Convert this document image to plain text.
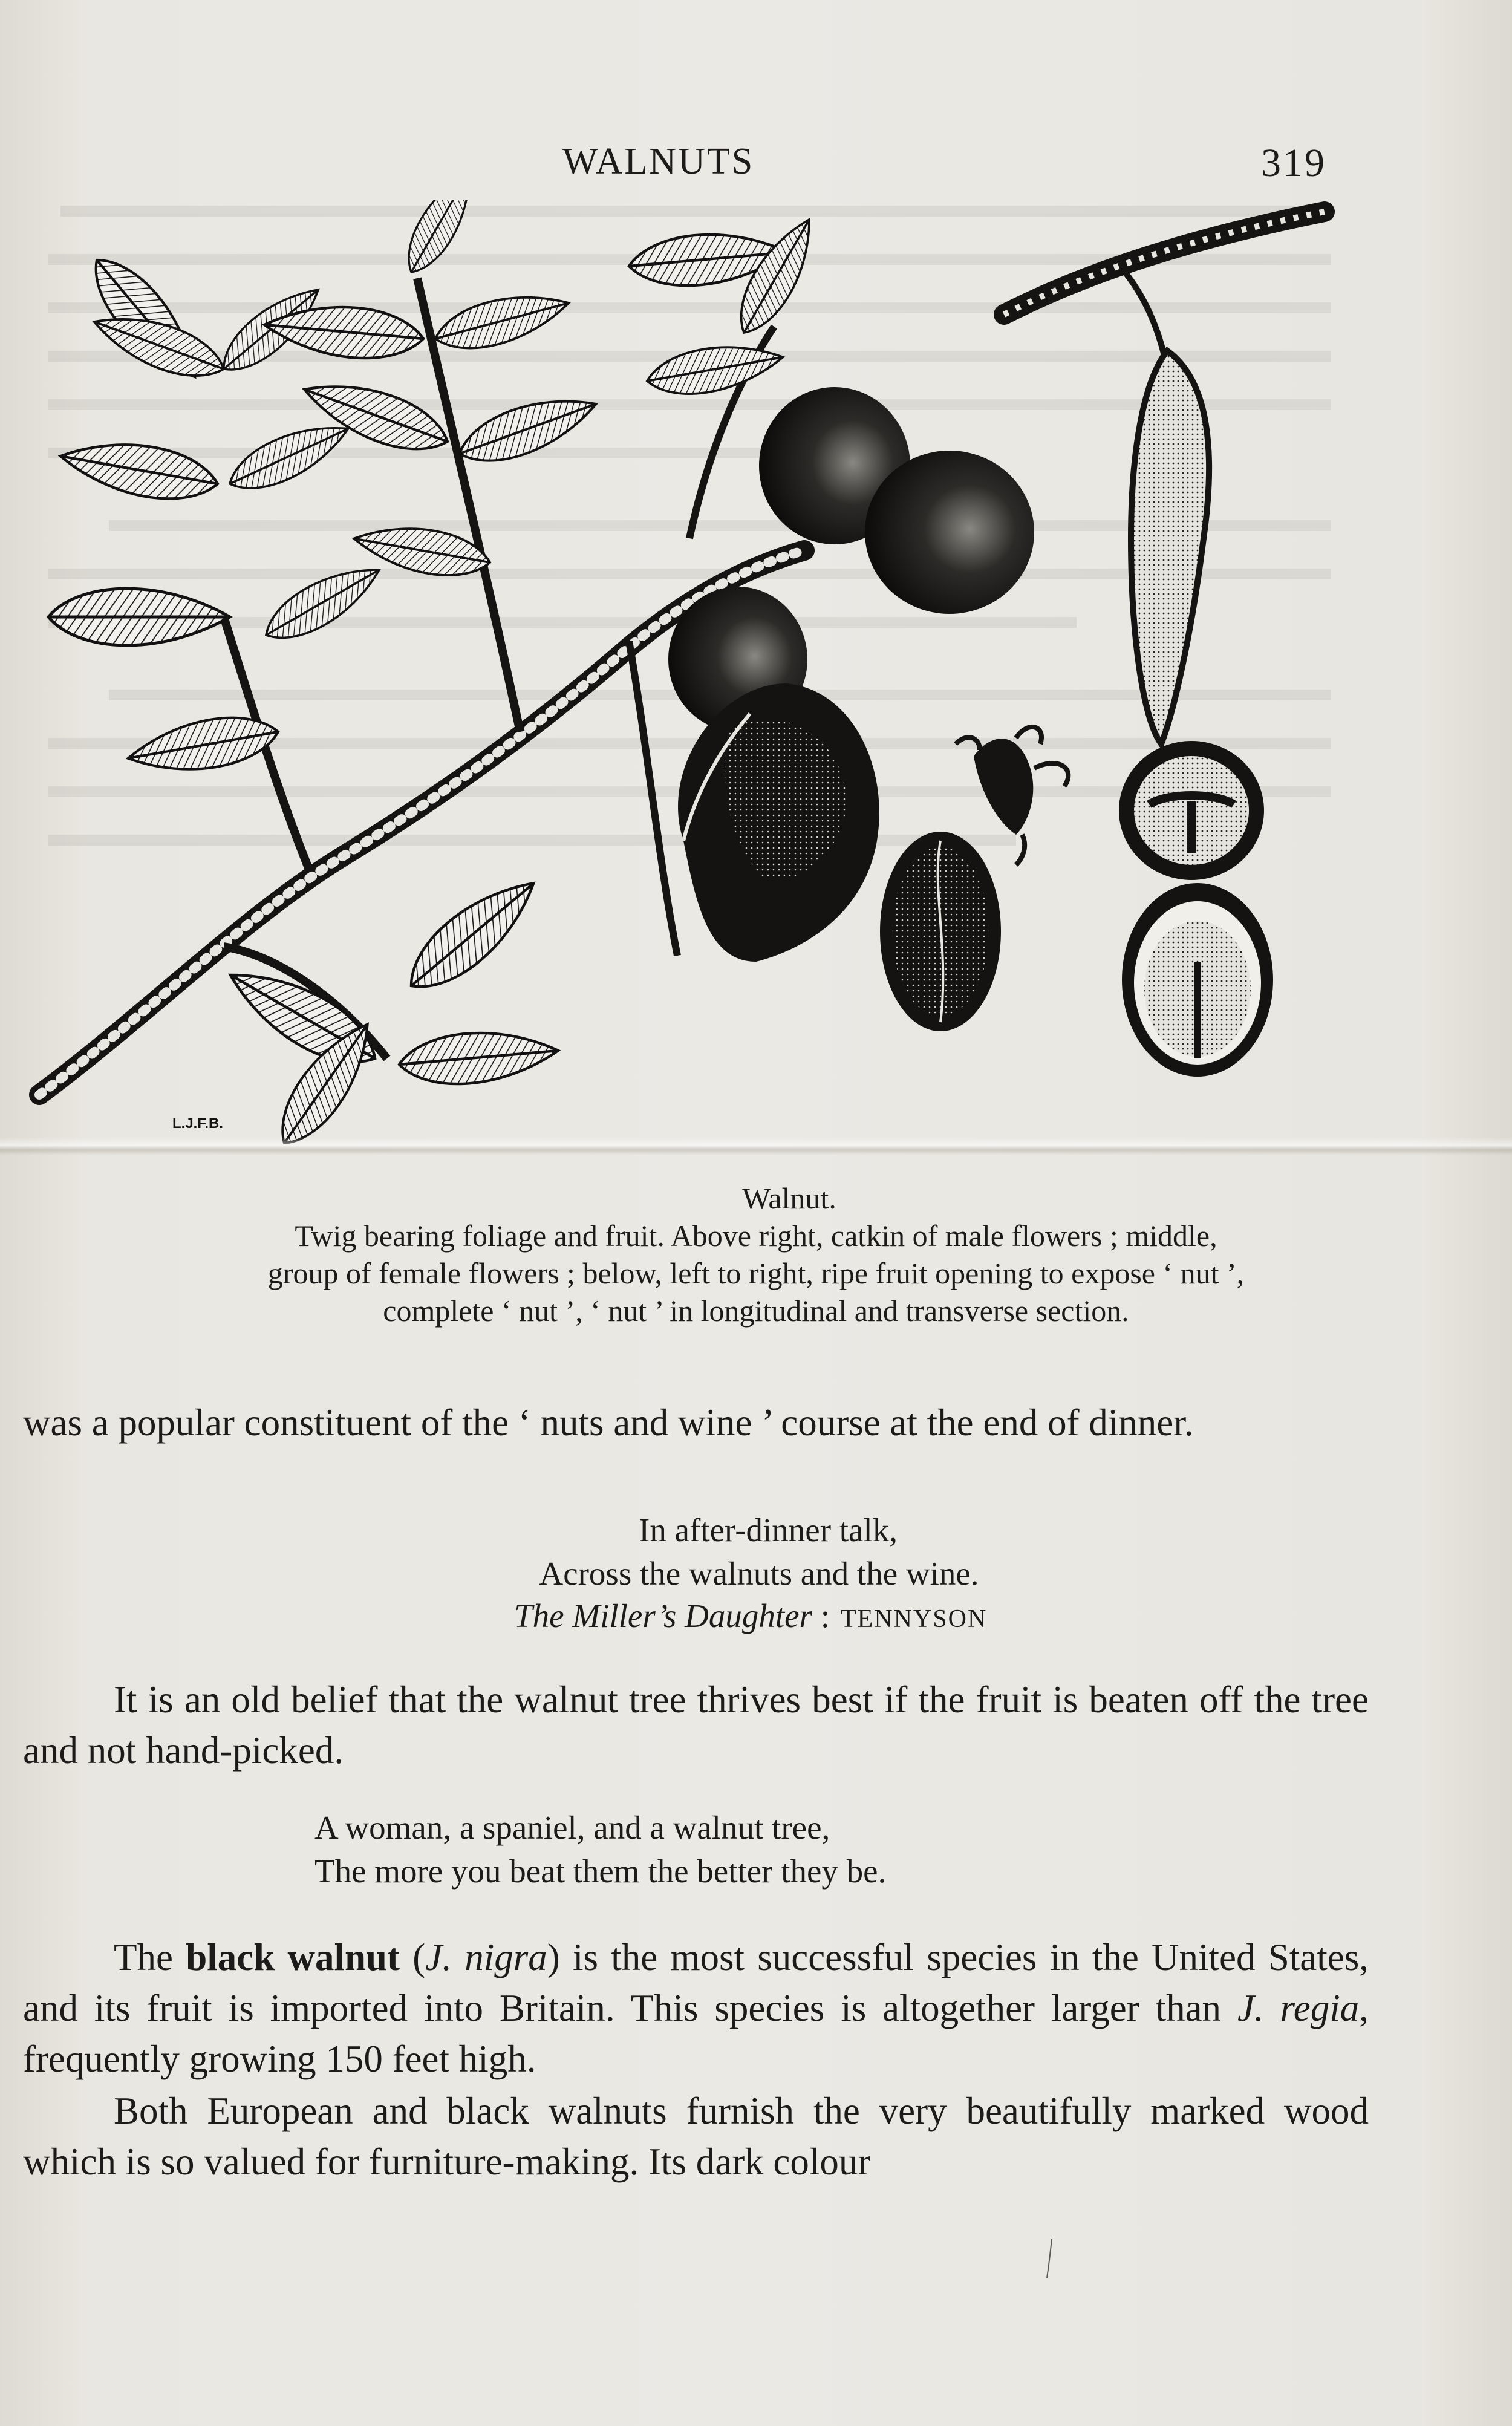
WALNUTS	319
L.J.F.B.
Walnut.
Twig bearing foliage and fruit. Above right, catkin of male flowers ; middle,
group of female flowers ; below, left to right, ripe fruit opening to expose ‘ nut ’,
complete ‘ nut ’, ‘ nut ’ in longitudinal and transverse section.

was a popular constituent of the ‘ nuts and wine ’ course at the end of dinner.

In after-dinner talk,
Across the walnuts and the wine.
The Miller’s Daughter : TENNYSON

It is an old belief that the walnut tree thrives best if the fruit is beaten off the tree and not hand-picked.

A woman, a spaniel, and a walnut tree,
The more you beat them the better they be.

The black walnut (J. nigra) is the most successful species in the United States, and its fruit is imported into Britain. This species is altogether larger than J. regia, frequently growing 150 feet high.

Both European and black walnuts furnish the very beautifully marked wood which is so valued for furniture-making. Its dark colour
